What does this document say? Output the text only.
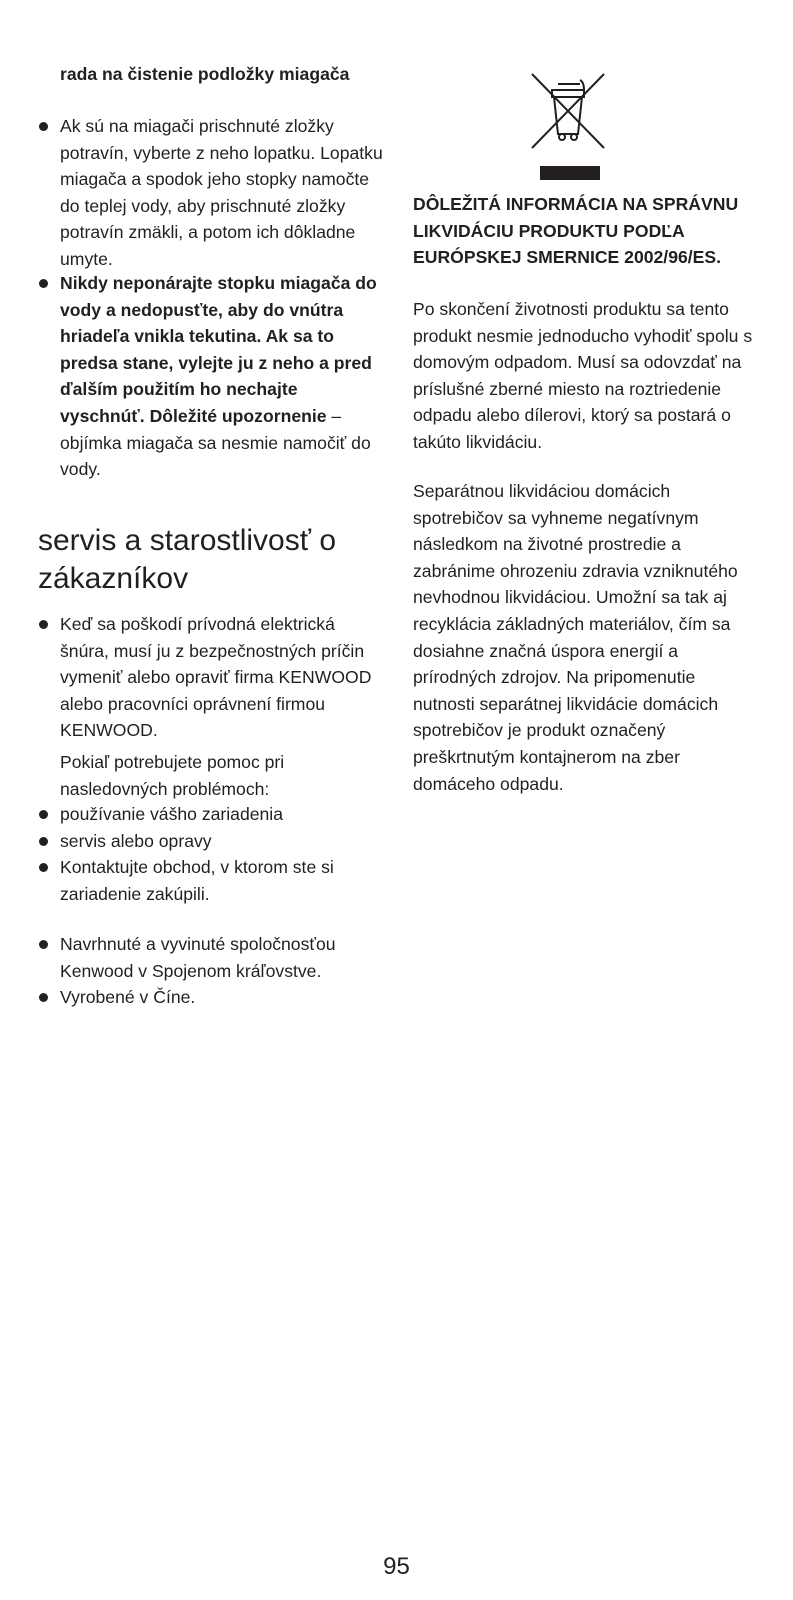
rada na čistenie podložky miagača

Ak sú na miagači prischnuté zložky potravín, vyberte z neho lopatku. Lopatku miagača a spodok jeho stopky namočte do teplej vody, aby prischnuté zložky potravín zmäkli, a potom ich dôkladne umyte.

Nikdy neponárajte stopku miagača do vody a nedopusťte, aby do vnútra hriadeľa vnikla tekutina. Ak sa to predsa stane, vylejte ju z neho a pred ďalším použitím ho nechajte vyschnúť. Dôležité upozornenie – objímka miagača sa nesmie namočiť do vody.

servis a starostlivosť o zákazníkov

Keď sa poškodí prívodná elektrická šnúra, musí ju z bezpečnostných príčin vymeniť alebo opraviť firma KENWOOD alebo pracovníci oprávnení firmou KENWOOD.

Pokiaľ potrebujete pomoc pri nasledovných problémoch:

používanie vášho zariadenia

servis alebo opravy

Kontaktujte obchod, v ktorom ste si zariadenie zakúpili.

Navrhnuté a vyvinuté spoločnosťou Kenwood v Spojenom kráľovstve.

Vyrobené v Číne.

DÔLEŽITÁ INFORMÁCIA NA SPRÁVNU LIKVIDÁCIU PRODUKTU PODĽA EURÓPSKEJ SMERNICE 2002/96/ES.

Po skončení životnosti produktu sa tento produkt nesmie jednoducho vyhodiť spolu s domovým odpadom. Musí sa odovzdať na príslušné zberné miesto na roztriedenie odpadu alebo dílerovi, ktorý sa postará o takúto likvidáciu.

Separátnou likvidáciou domácich spotrebičov sa vyhneme negatívnym následkom na životné prostredie a zabránime ohrozeniu zdravia vzniknutého nevhodnou likvidáciou. Umožní sa tak aj recyklácia základných materiálov, čím sa dosiahne značná úspora energií a prírodných zdrojov. Na pripomenutie nutnosti separátnej likvidácie domácich spotrebičov je produkt označený preškrtnutým kontajnerom na zber domáceho odpadu.

95
